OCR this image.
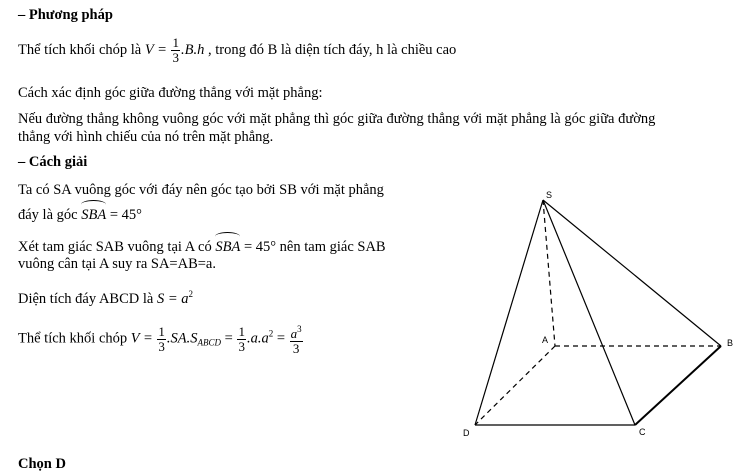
– Phương pháp
Thể tích khối chóp là $V = \frac{1}{3} .B.h$ , trong đó B là diện tích đáy, h là chiều cao
Cách xác định góc giữa đường thẳng với mặt phẳng:
Nếu đường thẳng không vuông góc với mặt phẳng thì góc giữa đường thẳng với mặt phẳng là góc giữa đường
thẳng với hình chiếu của nó trên mặt phẳng.
– Cách giải
Ta có SA vuông góc với đáy nên góc tạo bởi SB với mặt phẳng
đáy là góc SBA = 45°
Xét tam giác SAB vuông tại A có SBA = 45° nên tam giác SAB
vuông cân tại A suy ra SA=AB=a.
Diện tích đáy ABCD là $S = a^2$
Thể tích khối chóp $V = \frac{1}{3} .SA.S_{ABCD} = \frac{1}{3} .a.a^2 = \frac{a^3}{3}$
Chọn D
S
A	B
C
D
